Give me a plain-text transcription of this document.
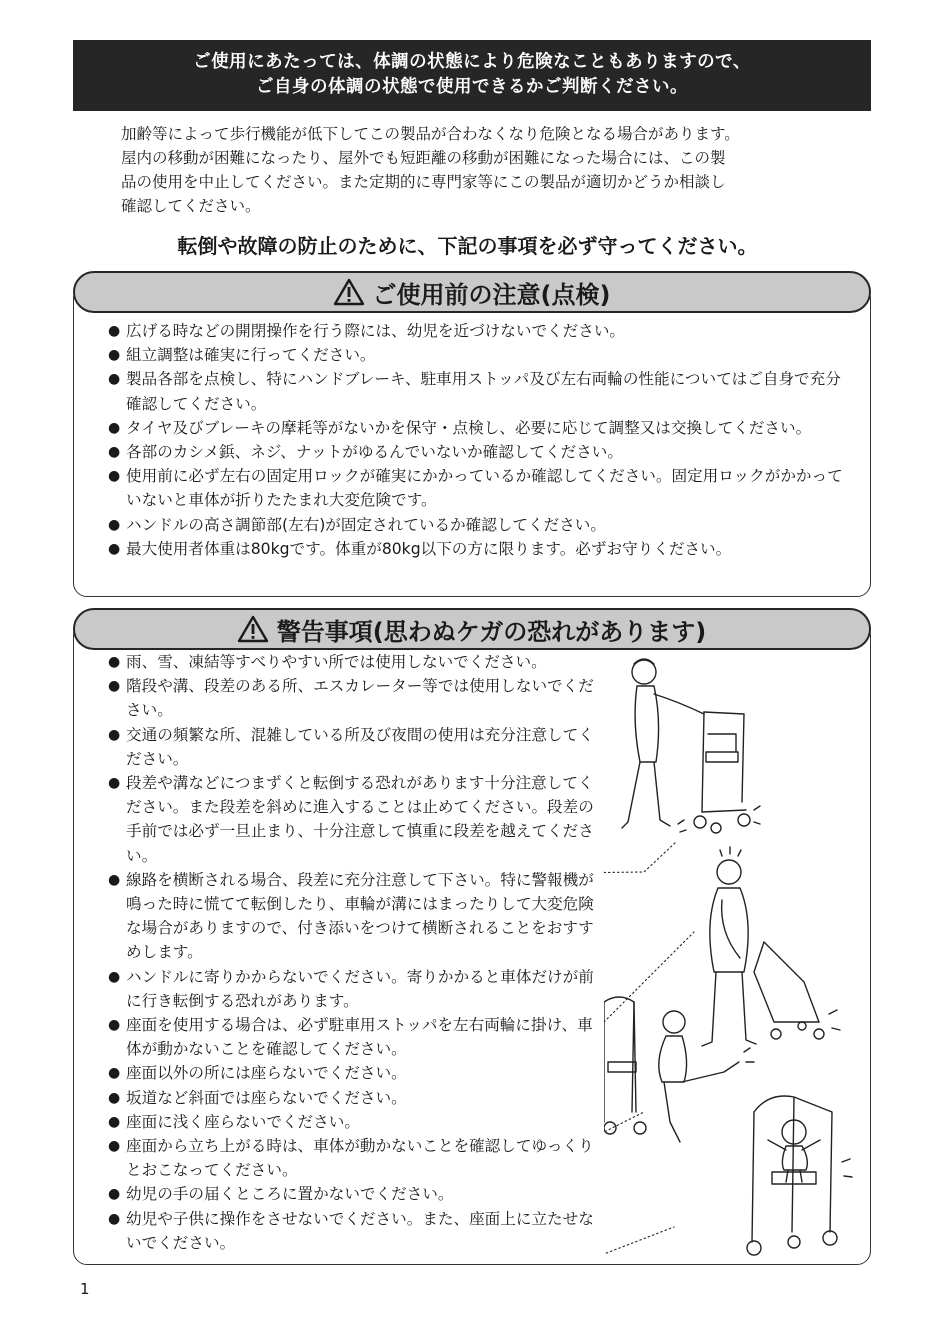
ご使用にあたっては、体調の状態により危険なこともありますので、
ご自身の体調の状態で使用できるかご判断ください。
加齢等によって歩行機能が低下してこの製品が合わなくなり危険となる場合があります。
屋内の移動が困難になったり、屋外でも短距離の移動が困難になった場合には、この製
品の使用を中止してください。また定期的に専門家等にこの製品が適切かどうか相談し
確認してください。
転倒や故障の防止のために、下記の事項を必ず守ってください。
ご使用前の注意(点検)
● 広げる時などの開閉操作を行う際には、幼児を近づけないでください。
● 組立調整は確実に行ってください。
● 製品各部を点検し、特にハンドブレーキ、駐車用ストッパ及び左右両輪の性能についてはご自身で充分確認してください。
● タイヤ及びブレーキの摩耗等がないかを保守・点検し、必要に応じて調整又は交換してください。
● 各部のカシメ鋲、ネジ、ナットがゆるんでいないか確認してください。
● 使用前に必ず左右の固定用ロックが確実にかかっているか確認してください。固定用ロックがかかっていないと車体が折りたたまれ大変危険です。
● ハンドルの高さ調節部(左右)が固定されているか確認してください。
● 最大使用者体重は80kgです。体重が80kg以下の方に限ります。必ずお守りください。
警告事項(思わぬケガの恐れがあります)
● 雨、雪、凍結等すべりやすい所では使用しないでください。
● 階段や溝、段差のある所、エスカレーター等では使用しないでください。
● 交通の頻繁な所、混雑している所及び夜間の使用は充分注意してください。
● 段差や溝などにつまずくと転倒する恐れがあります十分注意してください。また段差を斜めに進入することは止めてください。段差の手前では必ず一旦止まり、十分注意して慎重に段差を越えてください。
● 線路を横断される場合、段差に充分注意して下さい。特に警報機が鳴った時に慌てて転倒したり、車輪が溝にはまったりして大変危険な場合がありますので、付き添いをつけて横断されることをおすすめします。
● ハンドルに寄りかからないでください。寄りかかると車体だけが前に行き転倒する恐れがあります。
● 座面を使用する場合は、必ず駐車用ストッパを左右両輪に掛け、車体が動かないことを確認してください。
● 座面以外の所には座らないでください。
● 坂道など斜面では座らないでください。
● 座面に浅く座らないでください。
● 座面から立ち上がる時は、車体が動かないことを確認してゆっくりとおこなってください。
● 幼児の手の届くところに置かないでください。
● 幼児や子供に操作をさせないでください。また、座面上に立たせないでください。
1
